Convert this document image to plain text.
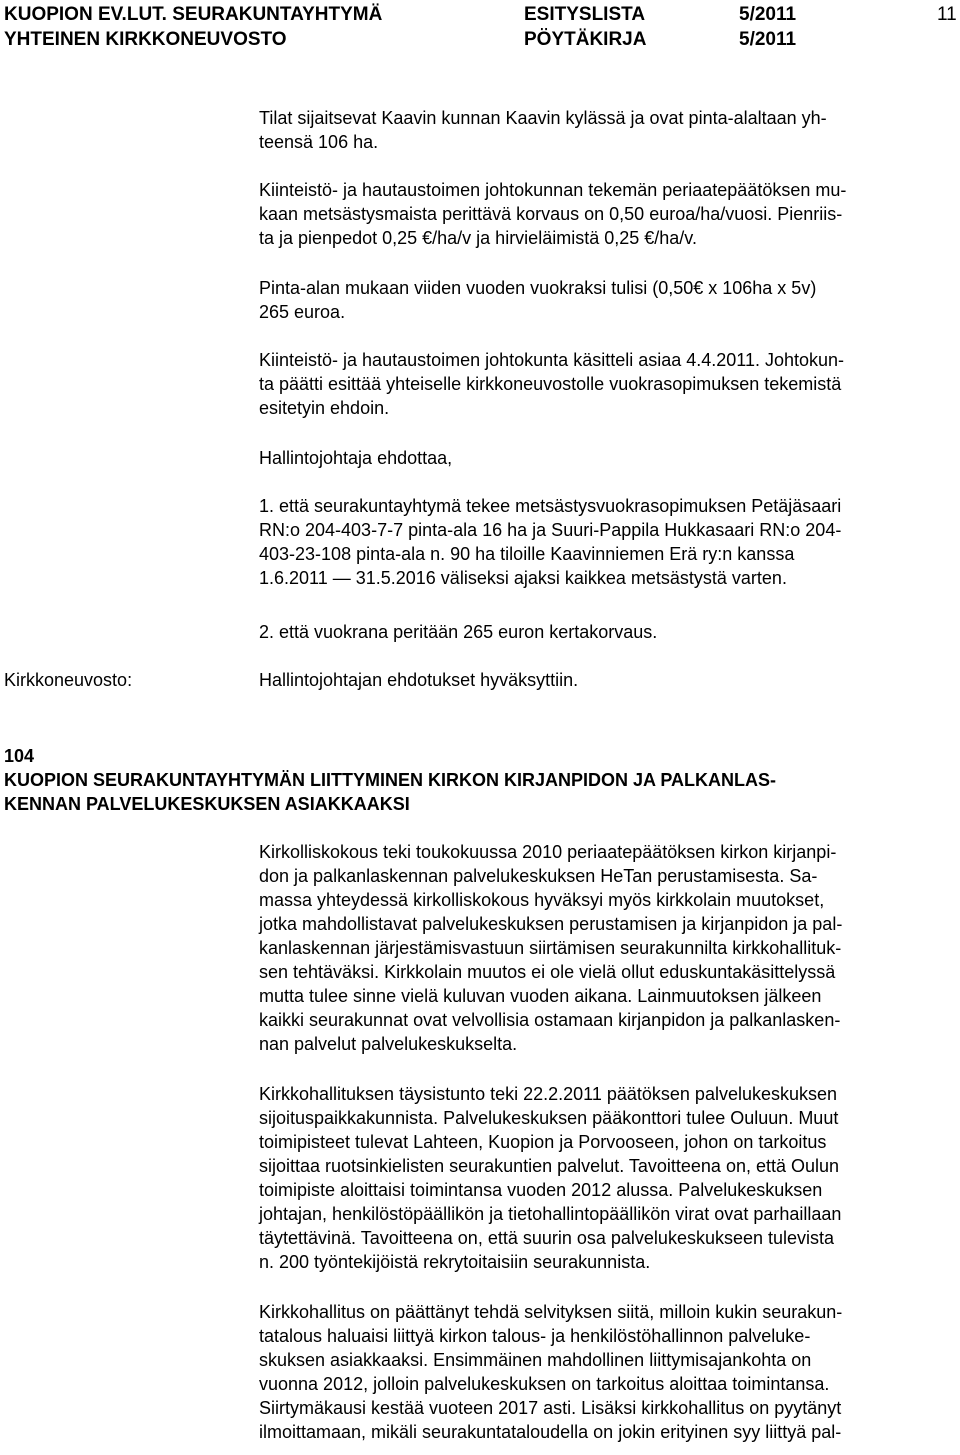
KUOPION EV.LUT. SEURAKUNTAYHTYMÄ	ESITYSLISTA	5/2011	11
YHTEINEN KIRKKONEUVOSTO	PÖYTÄKIRJA	5/2011

Tilat sijaitsevat Kaavin kunnan Kaavin kylässä ja ovat pinta-alaltaan yh-
teensä 106 ha.

Kiinteistö- ja hautaustoimen johtokunnan tekemän periaatepäätöksen mu-
kaan metsästysmaista perittävä korvaus on 0,50 euroa/ha/vuosi. Pienriis-
ta ja pienpedot 0,25 €/ha/v ja hirvieläimistä 0,25 €/ha/v.

Pinta-alan mukaan viiden vuoden vuokraksi tulisi (0,50€ x 106ha x 5v)
265 euroa.

Kiinteistö- ja hautaustoimen johtokunta käsitteli asiaa 4.4.2011. Johtokun-
ta päätti esittää yhteiselle kirkkoneuvostolle vuokrasopimuksen tekemistä
esitetyin ehdoin.

Hallintojohtaja ehdottaa,

1. että seurakuntayhtymä tekee metsästysvuokrasopimuksen Petäjäsaari
RN:o 204-403-7-7 pinta-ala 16 ha ja Suuri-Pappila Hukkasaari RN:o 204-
403-23-108 pinta-ala n. 90 ha tiloille Kaavinniemen Erä ry:n kanssa
1.6.2011 — 31.5.2016 väliseksi ajaksi kaikkea metsästystä varten.

2. että vuokrana peritään 265 euron kertakorvaus.

Kirkkoneuvosto:	Hallintojohtajan ehdotukset hyväksyttiin.

104
KUOPION SEURAKUNTAYHTYMÄN LIITTYMINEN KIRKON KIRJANPIDON JA PALKANLAS-
KENNAN PALVELUKESKUKSEN ASIAKKAAKSI

Kirkolliskokous teki toukokuussa 2010 periaatepäätöksen kirkon kirjanpi-
don ja palkanlaskennan palvelukeskuksen HeTan perustamisesta. Sa-
massa yhteydessä kirkolliskokous hyväksyi myös kirkkolain muutokset,
jotka mahdollistavat palvelukeskuksen perustamisen ja kirjanpidon ja pal-
kanlaskennan järjestämisvastuun siirtämisen seurakunnilta kirkkohallituk-
sen tehtäväksi. Kirkkolain muutos ei ole vielä ollut eduskuntakäsittelyssä
mutta tulee sinne vielä kuluvan vuoden aikana. Lainmuutoksen jälkeen
kaikki seurakunnat ovat velvollisia ostamaan kirjanpidon ja palkanlasken-
nan palvelut palvelukeskukselta.

Kirkkohallituksen täysistunto teki 22.2.2011 päätöksen palvelukeskuksen
sijoituspaikkakunnista. Palvelukeskuksen pääkonttori tulee Ouluun. Muut
toimipisteet tulevat Lahteen, Kuopion ja Porvooseen, johon on tarkoitus
sijoittaa ruotsinkielisten seurakuntien palvelut. Tavoitteena on, että Oulun
toimipiste aloittaisi toimintansa vuoden 2012 alussa. Palvelukeskuksen
johtajan, henkilöstöpäällikön ja tietohallintopäällikön virat ovat parhaillaan
täytettävinä. Tavoitteena on, että suurin osa palvelukeskukseen tulevista
n. 200 työntekijöistä rekrytoitaisiin seurakunnista.

Kirkkohallitus on päättänyt tehdä selvityksen siitä, milloin kukin seurakun-
tatalous haluaisi liittyä kirkon talous- ja henkilöstöhallinnon palveluke-
skuksen asiakkaaksi. Ensimmäinen mahdollinen liittymisajankohta on
vuonna 2012, jolloin palvelukeskuksen on tarkoitus aloittaa toimintansa.
Siirtymäkausi kestää vuoteen 2017 asti. Lisäksi kirkkohallitus on pyytänyt
ilmoittamaan, mikäli seurakuntataloudella on jokin erityinen syy liittyä pal-
